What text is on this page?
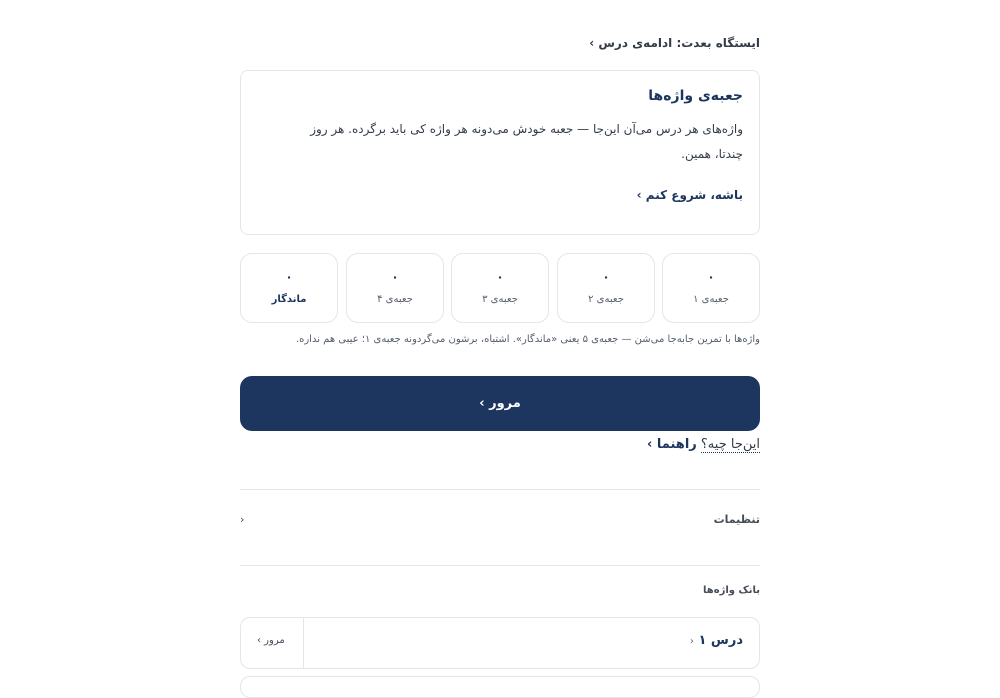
ایستگاه بعدت: ادامه‌ی درس ›
جعبه‌ی واژه‌ها

واژه‌های هر درس می‌آن این‌جا — جعبه خودش می‌دونه هر واژه کی باید برگرده. هر روز چندتا، همین.

باشه، شروع کنم ›
۰
جعبه‌ی ۱
۰
جعبه‌ی ۲
۰
جعبه‌ی ۳
۰
جعبه‌ی ۴
۰
ماندگار
واژه‌ها با تمرین جابه‌جا می‌شن — جعبه‌ی ۵ یعنی «ماندگار». اشتباه، برشون می‌گردونه جعبه‌ی ۱؛ عیبی هم نداره.
مرور ›
این‌جا چیه؟ راهنما ›
تنظیمات
‹
بانک واژه‌ها
درس ۱ ‹
مرور ›
